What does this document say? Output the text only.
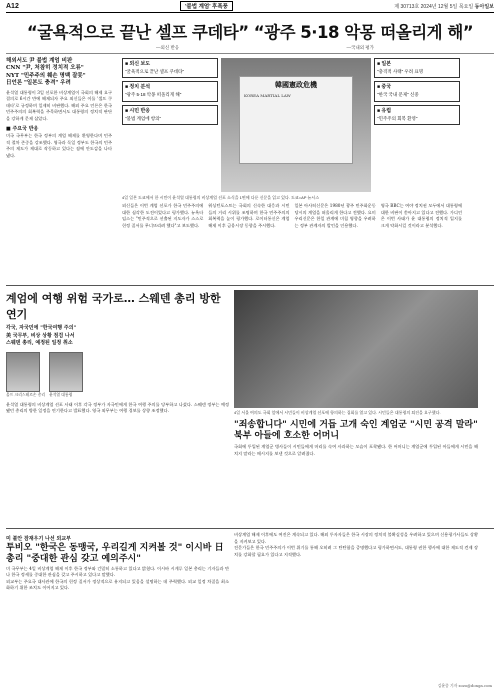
A12	'불법 계엄' 후폭풍	제 30713호 2024년 12월 5일 목요일 동아일보
“굴욕적으로 끝난 셀프 쿠데타” “광주 5·18 악몽 떠올리게 해”
—외신 반응	—국내외 평가
해외서도 尹 불법 계엄 비판
CNN "尹, 처참히 정치적 오류"
NYT "민주주의 훼손 명백 잘못"
日언론 "일본도 충격" 우려

윤석열 대통령이 3일 선포한 비상계엄이 국회의 해제 요구 결의로 6시간 만에 해제되자 주요 외신들은 이를 '셀프 쿠데타'로 규정하며 일제히 비판했다. 해외 주요 언론은 한국 민주주의의 회복력을 주목하면서도 대통령의 정치적 판단을 강하게 문제 삼았다.

■ 주요국 반응

미국 국무부는 한국 정부의 계엄 해제를 환영한다며 민주적 절차 존중을 강조했다. 영국과 독일 정부도 한국의 민주주의 제도가 제대로 작동하고 있다는 점에 안도감을 나타냈다.

■ 외신 보도
"굴욕적으로 끝난 셀프 쿠데타"
■ 정치 분석
"광주 5·18 악몽 떠올리게 해"
■ 시민 반응
"불법 계엄에 항의"
韓國憲政危機
KOREA MARTIAL LAW
■ 일본
"충격적 사태" 우려 표명
■ 중국
"한국 국내 문제" 신중
■ 유럽
"민주주의 회복 환영"
4일 일본 도쿄에서 한 시민이 윤석열 대통령의 비상계엄 선포 소식을 1면에 다룬 신문을 읽고 있다. 도쿄=AP 뉴시스

외신들은 이번 계엄 선포가 한국 민주주의에 대한 심각한 도전이었다고 평가했다. 뉴욕타임스는 "민주적으로 선출된 지도자가 스스로 헌정 질서를 무너뜨리려 했다"고 보도했다.

워싱턴포스트는 국회의 신속한 대응과 시민들의 거리 시위를 조명하며 한국 민주주의의 회복력을 높이 평가했다. 로이터통신은 계엄 해제 이후 금융시장 동향을 주시했다.

일본 아사히신문은 1980년 광주 민주화운동 당시의 계엄을 떠올리게 한다고 전했다. 요미우리신문은 한일 관계에 미칠 영향을 우려하는 정부 관계자의 발언을 인용했다.

영국 BBC는 여야 정치권 모두에서 대통령에 대한 비판이 쏟아지고 있다고 전했다. 가디언은 이번 사태가 윤 대통령의 정치적 입지를 크게 약화시킬 것이라고 분석했다.

계엄에 여행 위험 국가로… 스웨덴 총리 방한 연기
각국, 자국민에 "한국여행 주의"
美 국무부, 비상 상황 점검 나서
스웨덴 총리, 예정된 일정 취소
울프 크리스테르손 총리 윤석열 대통령

윤석열 대통령의 비상계엄 선포 사태 이후 각국 정부가 자국민에게 한국 여행 주의를 당부하고 나섰다. 스웨덴 정부는 예정됐던 총리의 방한 일정을 연기한다고 발표했다. 영국 외무부는 여행 경보를 상향 조정했다.	4일 서울 여의도 국회 앞에서 시민들이 비상계엄 선포에 항의하는 집회를 열고 있다. 시민들은 대통령의 퇴진을 요구했다.
"죄송합니다" 시민에 거듭 고개 숙인 계엄군 "시민 공격 말라" 북부 아들에 호소한 어머니

국회에 투입된 계엄군 병사들이 시민들에게 머리를 숙여 사과하는 모습이 포착됐다. 한 어머니는 계엄군에 투입된 아들에게 시민을 해치지 말라는 메시지를 보낸 것으로 알려졌다.

미 불안 잠재우기 나선 외교부
투비오 "한국은 동맹국, 우리길게 지켜볼 것" 이시바 日총리 "중대한 관심 갖고 예의주시"

미 국무부는 4일 비상계엄 해제 이후 한국 정부와 긴밀히 소통하고 있다고 밝혔다. 이시바 시게루 일본 총리는 기자들과 만나 한국 정세를 중대한 관심을 갖고 주시하고 있다고 말했다.

외교부는 주요국 대사관에 한국의 헌정 질서가 정상적으로 유지되고 있음을 설명하는 데 주력했다. 외교 일정 차질을 최소화하기 위한 조치도 이어지고 있다.

비상계엄 해제 이후에도 여진은 계속되고 있다. 해외 투자자들은 한국 시장의 정치적 불확실성을 우려하고 있으며 신용평가사들도 상황을 지켜보고 있다.

전문가들은 한국 민주주의가 이번 위기를 통해 오히려 그 탄탄함을 증명했다고 평가하면서도, 대통령 권한 행사에 대한 제도적 견제 장치를 강화할 필요가 있다고 지적했다.

김윤종 기자 zozo@donga.com
